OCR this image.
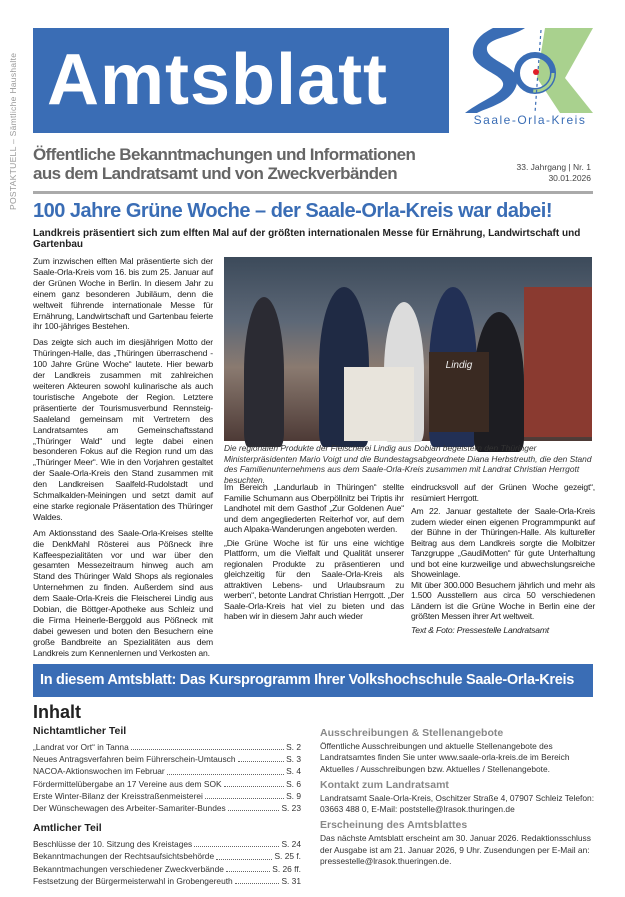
POSTAKTUELL – Sämtliche Haushalte Amtsblatt	Saale-Orla-Kreis
Öffentliche Bekanntmachungen und Informationen
aus dem Landratsamt und von Zweckverbänden	33. Jahrgang | Nr. 1
30.01.2026
100 Jahre Grüne Woche – der Saale-Orla-Kreis war dabei!
Landkreis präsentiert sich zum elften Mal auf der größten internationalen Messe für Ernährung, Landwirtschaft und Gartenbau

Zum inzwischen elften Mal präsentierte sich der Saale-Orla-Kreis vom 16. bis zum 25. Januar auf der Grünen Woche in Berlin. In diesem Jahr zu einem ganz besonderen Jubiläum, denn die weltweit führende internationale Messe für Ernährung, Landwirtschaft und Gartenbau feierte ihr 100-jähriges Bestehen.

Das zeigte sich auch im diesjährigen Motto der Thüringen-Halle, das „Thüringen überraschend - 100 Jahre Grüne Woche“ lautete. Hier bewarb der Landkreis zusammen mit zahlreichen weiteren Akteuren sowohl kulinarische als auch touristische Angebote der Region. Letztere präsentierte der Tourismusverbund Rennsteig-Saaleland gemeinsam mit Vertretern des Landratsamtes am Gemeinschaftsstand „Thüringer Wald“ und legte dabei einen besonderen Fokus auf die Region rund um das „Thüringer Meer“. Wie in den Vorjahren gestaltet der Saale-Orla-Kreis den Stand zusammen mit den Landkreisen Saalfeld-Rudolstadt und Schmalkalden-Meiningen und setzt damit auf eine starke regionale Präsentation des Thüringer Waldes.

Am Aktionsstand des Saale-Orla-Kreises stellte die DenkMahl Rösterei aus Pößneck ihre Kaffeespezialitäten vor und war über den gesamten Messezeitraum hinweg auch am Stand des Thüringer Wald Shops als regionales Unternehmen zu finden. Außerdem sind aus dem Saale-Orla-Kreis die Fleischerei Lindig aus Dobian, die Böttger-Apotheke aus Schleiz und die Firma Heinerle-Berggold aus Pößneck mit dabei gewesen und boten den Besuchern eine große Bandbreite an Spezialitäten aus dem Landkreis zum Kennenlernen und Verkosten an.

Lindig
Die regionalen Produkte der Fleischerei Lindig aus Dobian begeistern den Thüringer Ministerpräsidenten Mario Voigt und die Bundestagsabgeordnete Diana Herbstreuth, die den Stand des Familienunternehmens aus dem Saale-Orla-Kreis zusammen mit Landrat Christian Herrgott besuchten.

Im Bereich „Landurlaub in Thüringen“ stellte Familie Schumann aus Oberpöllnitz bei Triptis ihr Landhotel mit dem Gasthof „Zur Goldenen Aue“ und dem angegliederten Reiterhof vor, auf dem auch Alpaka-Wanderungen angeboten werden.

„Die Grüne Woche ist für uns eine wichtige Plattform, um die Vielfalt und Qualität unserer regionalen Produkte zu präsentieren und gleichzeitig für den Saale-Orla-Kreis als attraktiven Lebens- und Urlaubsraum zu werben“, betonte Landrat Christian Herrgott. „Der Saale-Orla-Kreis hat viel zu bieten und das haben wir in diesem Jahr auch wieder

eindrucksvoll auf der Grünen Woche gezeigt“, resümiert Herrgott.

Am 22. Januar gestaltete der Saale-Orla-Kreis zudem wieder einen eigenen Programmpunkt auf der Bühne in der Thüringen-Halle. Als kultureller Beitrag aus dem Landkreis sorgte die Molbitzer Tanzgruppe „GaudiMotten“ für gute Unterhaltung und bot eine kurzweilige und abwechslungsreiche Showeinlage.

Mit über 300.000 Besuchern jährlich und mehr als 1.500 Ausstellern aus circa 50 verschiedenen Ländern ist die Grüne Woche in Berlin eine der größten Messen ihrer Art weltweit.

Text & Foto: Pressestelle Landratsamt

In diesem Amtsblatt: Das Kursprogramm Ihrer Volkshochschule Saale-Orla-Kreis
Inhalt
Nichtamtlicher Teil
„Landrat vor Ort“ in Tanna	S. 2
Neues Antragsverfahren beim Führerschein-Umtausch	S. 3
NACOA-Aktionswochen im Februar	S. 4
Fördermittelübergabe an 17 Vereine aus dem SOK	S. 6
Erste Winter-Bilanz der Kreisstraßenmeisterei	S. 9
Der Wünschewagen des Arbeiter-Samariter-Bundes	S. 23
Amtlicher Teil
Beschlüsse der 10. Sitzung des Kreistages	S. 24
Bekanntmachungen der Rechtsaufsichtsbehörde	S. 25 f.
Bekanntmachungen verschiedener Zweckverbände	S. 26 ff.
Festsetzung der Bürgermeisterwahl in Grobengereuth	S. 31
Ausschreibungen & Stellenangebote

Öffentliche Ausschreibungen und aktuelle Stellenangebote des Landratsamtes finden Sie unter www.saale-orla-kreis.de im Bereich Aktuelles / Ausschreibungen bzw. Aktuelles / Stellenangebote.

Kontakt zum Landratsamt

Landratsamt Saale-Orla-Kreis, Oschitzer Straße 4, 07907 Schleiz Telefon: 03663 488 0, E-Mail: poststelle@lrasok.thuringen.de

Erscheinung des Amtsblattes

Das nächste Amtsblatt erscheint am 30. Januar 2026. Redaktionsschluss der Ausgabe ist am 21. Januar 2026, 9 Uhr. Zusendungen per E-Mail an: pressestelle@lrasok.thueringen.de.
